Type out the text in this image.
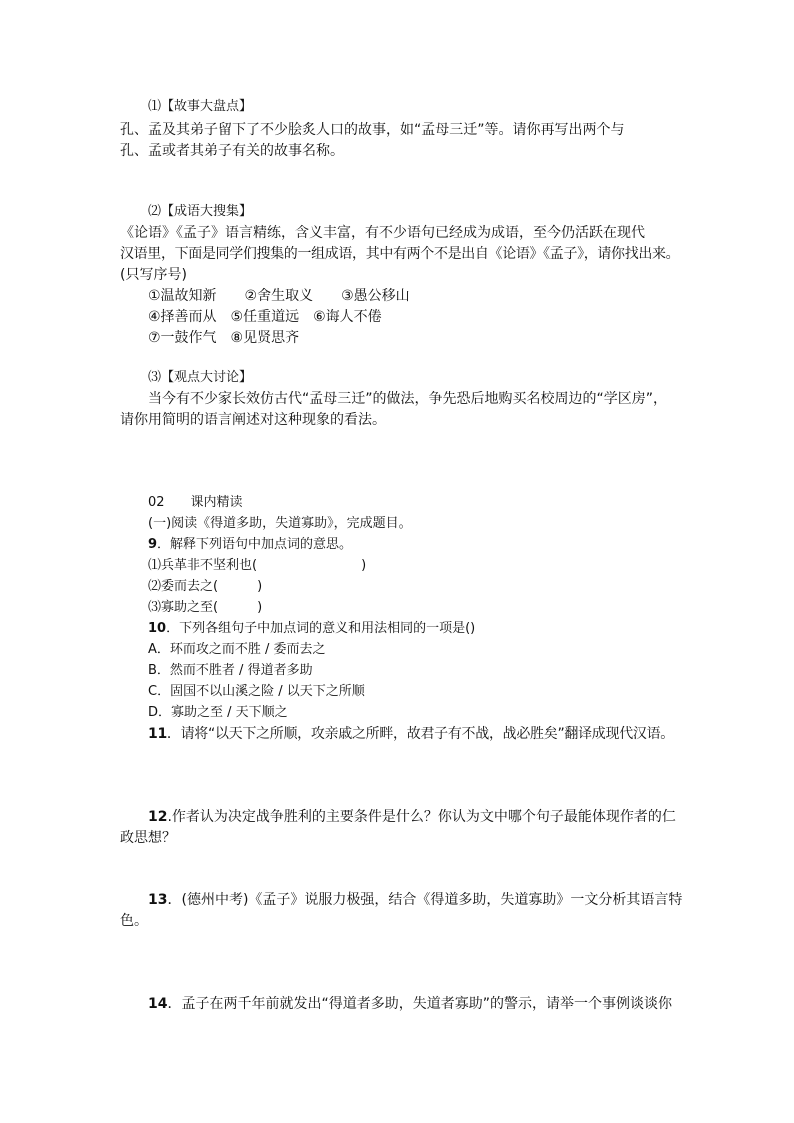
⑴【故事大盘点】
孔、孟及其弟子留下了不少脍炙人口的故事，如“孟母三迁”等。请你再写出两个与
孔、孟或者其弟子有关的故事名称。
⑵【成语大搜集】
《论语》《孟子》语言精练，含义丰富，有不少语句已经成为成语，至今仍活跃在现代
汉语里，下面是同学们搜集的一组成语，其中有两个不是出自《论语》《孟子》，请你找出来。
(只写序号)
①温故知新　　②舍生取义　　③愚公移山
④择善而从　⑤任重道远　⑥诲人不倦
⑦一鼓作气　⑧见贤思齐
⑶【观点大讨论】
当今有不少家长效仿古代“孟母三迁”的做法，争先恐后地购买名校周边的“学区房”，
请你用简明的语言阐述对这种现象的看法。
02　　课内精读
(一)阅读《得道多助，失道寡助》，完成题目。
9．解释下列语句中加点词的意思。
⑴兵革非不坚利也(　　　　　　　　)
⑵委而去之(　　　)
⑶寡助之至(　　　)
10．下列各组句子中加点词的意义和用法相同的一项是()
A．环而攻之而不胜 / 委而去之
B．然而不胜者 / 得道者多助
C．固国不以山溪之险 / 以天下之所顺
D．寡助之至 / 天下顺之
11．请将“以天下之所顺，攻亲戚之所畔，故君子有不战，战必胜矣”翻译成现代汉语。
12.作者认为决定战争胜利的主要条件是什么？你认为文中哪个句子最能体现作者的仁
政思想？
13．(德州中考)《孟子》说服力极强，结合《得道多助，失道寡助》一文分析其语言特
色。
14．孟子在两千年前就发出“得道者多助，失道者寡助”的警示，请举一个事例谈谈你
